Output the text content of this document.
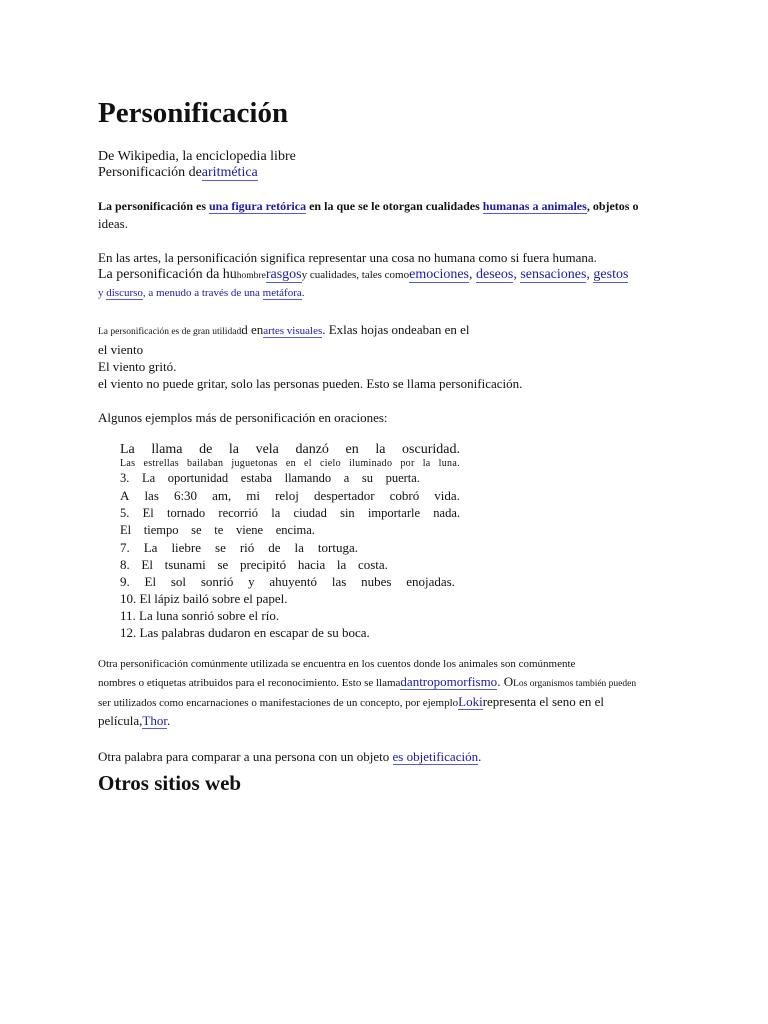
Personificación

De Wikipedia, la enciclopedia libre

Personificación dearitmética

La personificación es una figura retórica en la que se le otorgan cualidades humanas a animales, objetos o
ideas.

En las artes, la personificación significa representar una cosa no humana como si fuera humana.

La personificación da huhombrerasgosy cualidades, tales comoemociones, deseos, sensaciones, gestos

y discurso, a menudo a través de una metáfora.

La personificación es de gran utilidadd enartes visuales. Exlas hojas ondeaban en el
el viento
El viento gritó.
el viento no puede gritar, solo las personas pueden. Esto se llama personificación.

Algunos ejemplos más de personificación en oraciones:

La llama de la vela danzó en la oscuridad.
Las estrellas bailaban juguetonas en el cielo iluminado por la luna.
3. La oportunidad estaba llamando a su puerta.
A las 6:30 am, mi reloj despertador cobró vida.
5. El tornado recorrió la ciudad sin importarle nada.
El tiempo se te viene encima.
7. La liebre se rió de la tortuga.
8. El tsunami se precipitó hacia la costa.
9. El sol sonrió y ahuyentó las nubes enojadas.
10. El lápiz bailó sobre el papel.
11. La luna sonrió sobre el río.
12. Las palabras dudaron en escapar de su boca.

Otra personificación comúnmente utilizada se encuentra en los cuentos donde los animales son comúnmente
nombres o etiquetas atribuidos para el reconocimiento. Esto se llamadantropomorfismo. OLos organismos también pueden
ser utilizados como encarnaciones o manifestaciones de un concepto, por ejemploLokirepresenta el seno en el
película,Thor.

Otra palabra para comparar a una persona con un objeto es objetificación.

Otros sitios web
